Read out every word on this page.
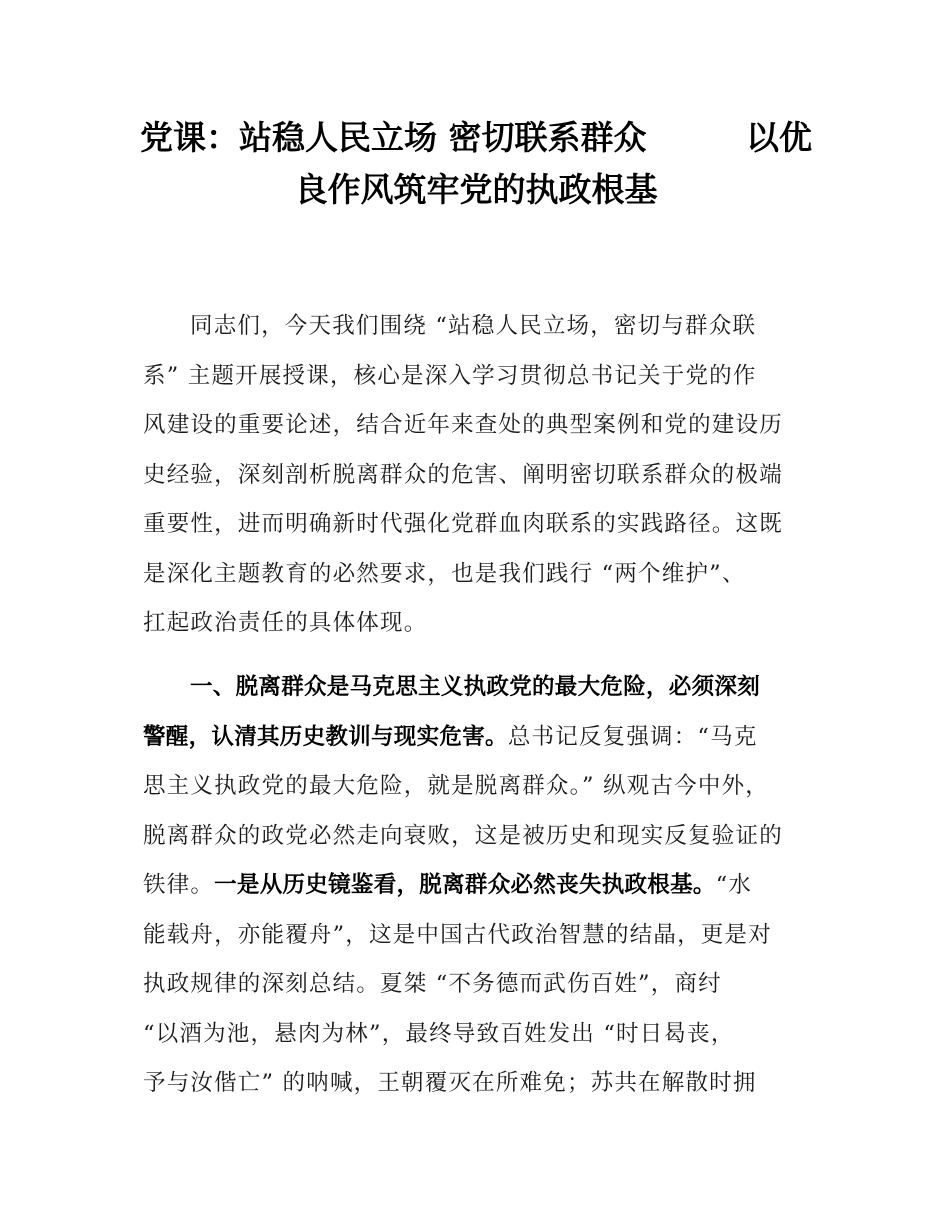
党课：站稳人民立场 密切联系群众	以优
良作风筑牢党的执政根基
同志们，今天我们围绕 “站稳人民立场，密切与群众联
系” 主题开展授课，核心是深入学习贯彻总书记关于党的作
风建设的重要论述，结合近年来查处的典型案例和党的建设历
史经验，深刻剖析脱离群众的危害、阐明密切联系群众的极端
重要性，进而明确新时代强化党群血肉联系的实践路径。这既
是深化主题教育的必然要求，也是我们践行 “两个维护”、
扛起政治责任的具体体现。
一、脱离群众是马克思主义执政党的最大危险，必须深刻
警醒，认清其历史教训与现实危害。总书记反复强调：“马克
思主义执政党的最大危险，就是脱离群众。” 纵观古今中外，
脱离群众的政党必然走向衰败，这是被历史和现实反复验证的
铁律。一是从历史镜鉴看，脱离群众必然丧失执政根基。“水
能载舟，亦能覆舟”，这是中国古代政治智慧的结晶，更是对
执政规律的深刻总结。夏桀 “不务德而武伤百姓”，商纣
“以酒为池，悬肉为林”，最终导致百姓发出 “时日曷丧，
予与汝偕亡” 的呐喊，王朝覆灭在所难免；苏共在解散时拥
